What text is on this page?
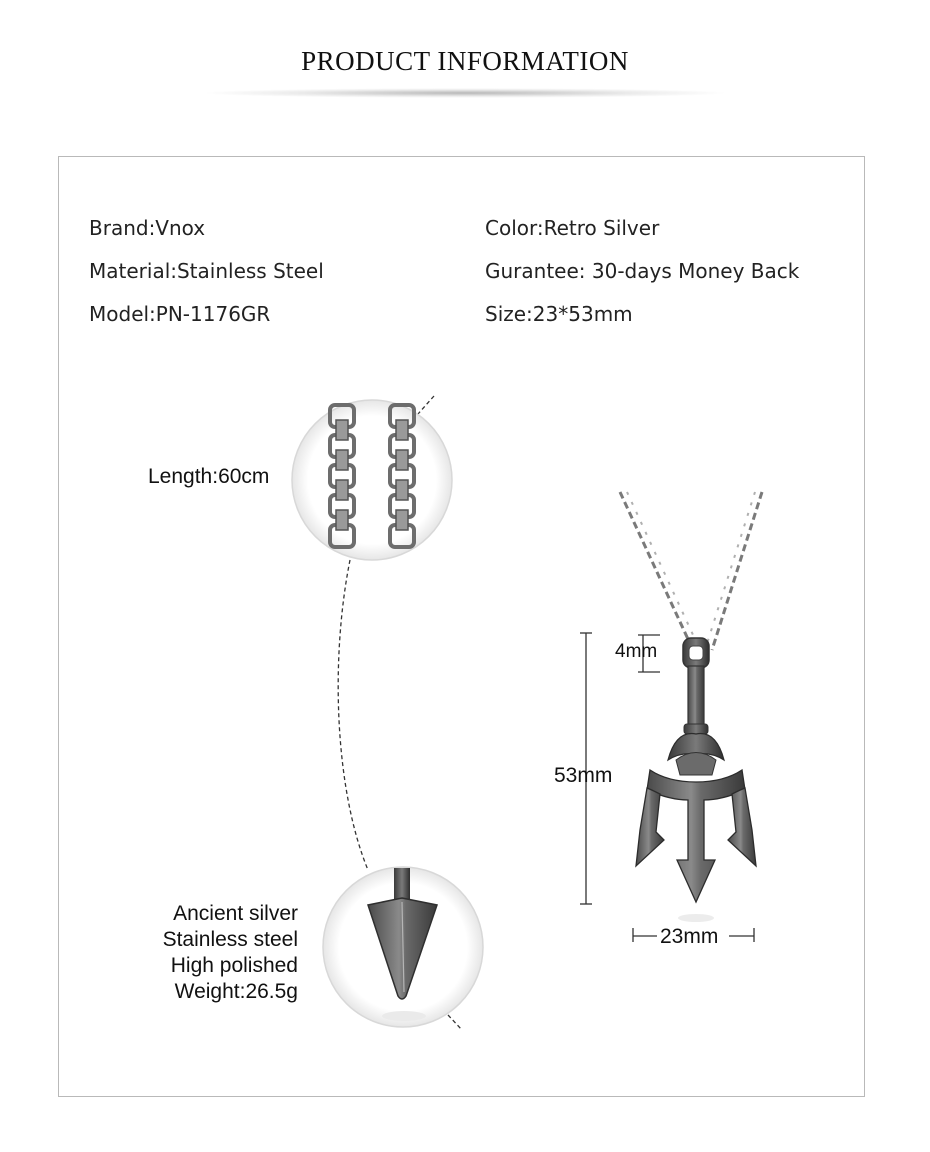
PRODUCT INFORMATION
Brand:Vnox
Material:Stainless Steel
Model:PN-1176GR
Color:Retro Silver
Gurantee: 30-days Money Back
Size:23*53mm
Length:60cm
Ancient silver
Stainless steel
High polished
Weight:26.5g
4mm
53mm
23mm
